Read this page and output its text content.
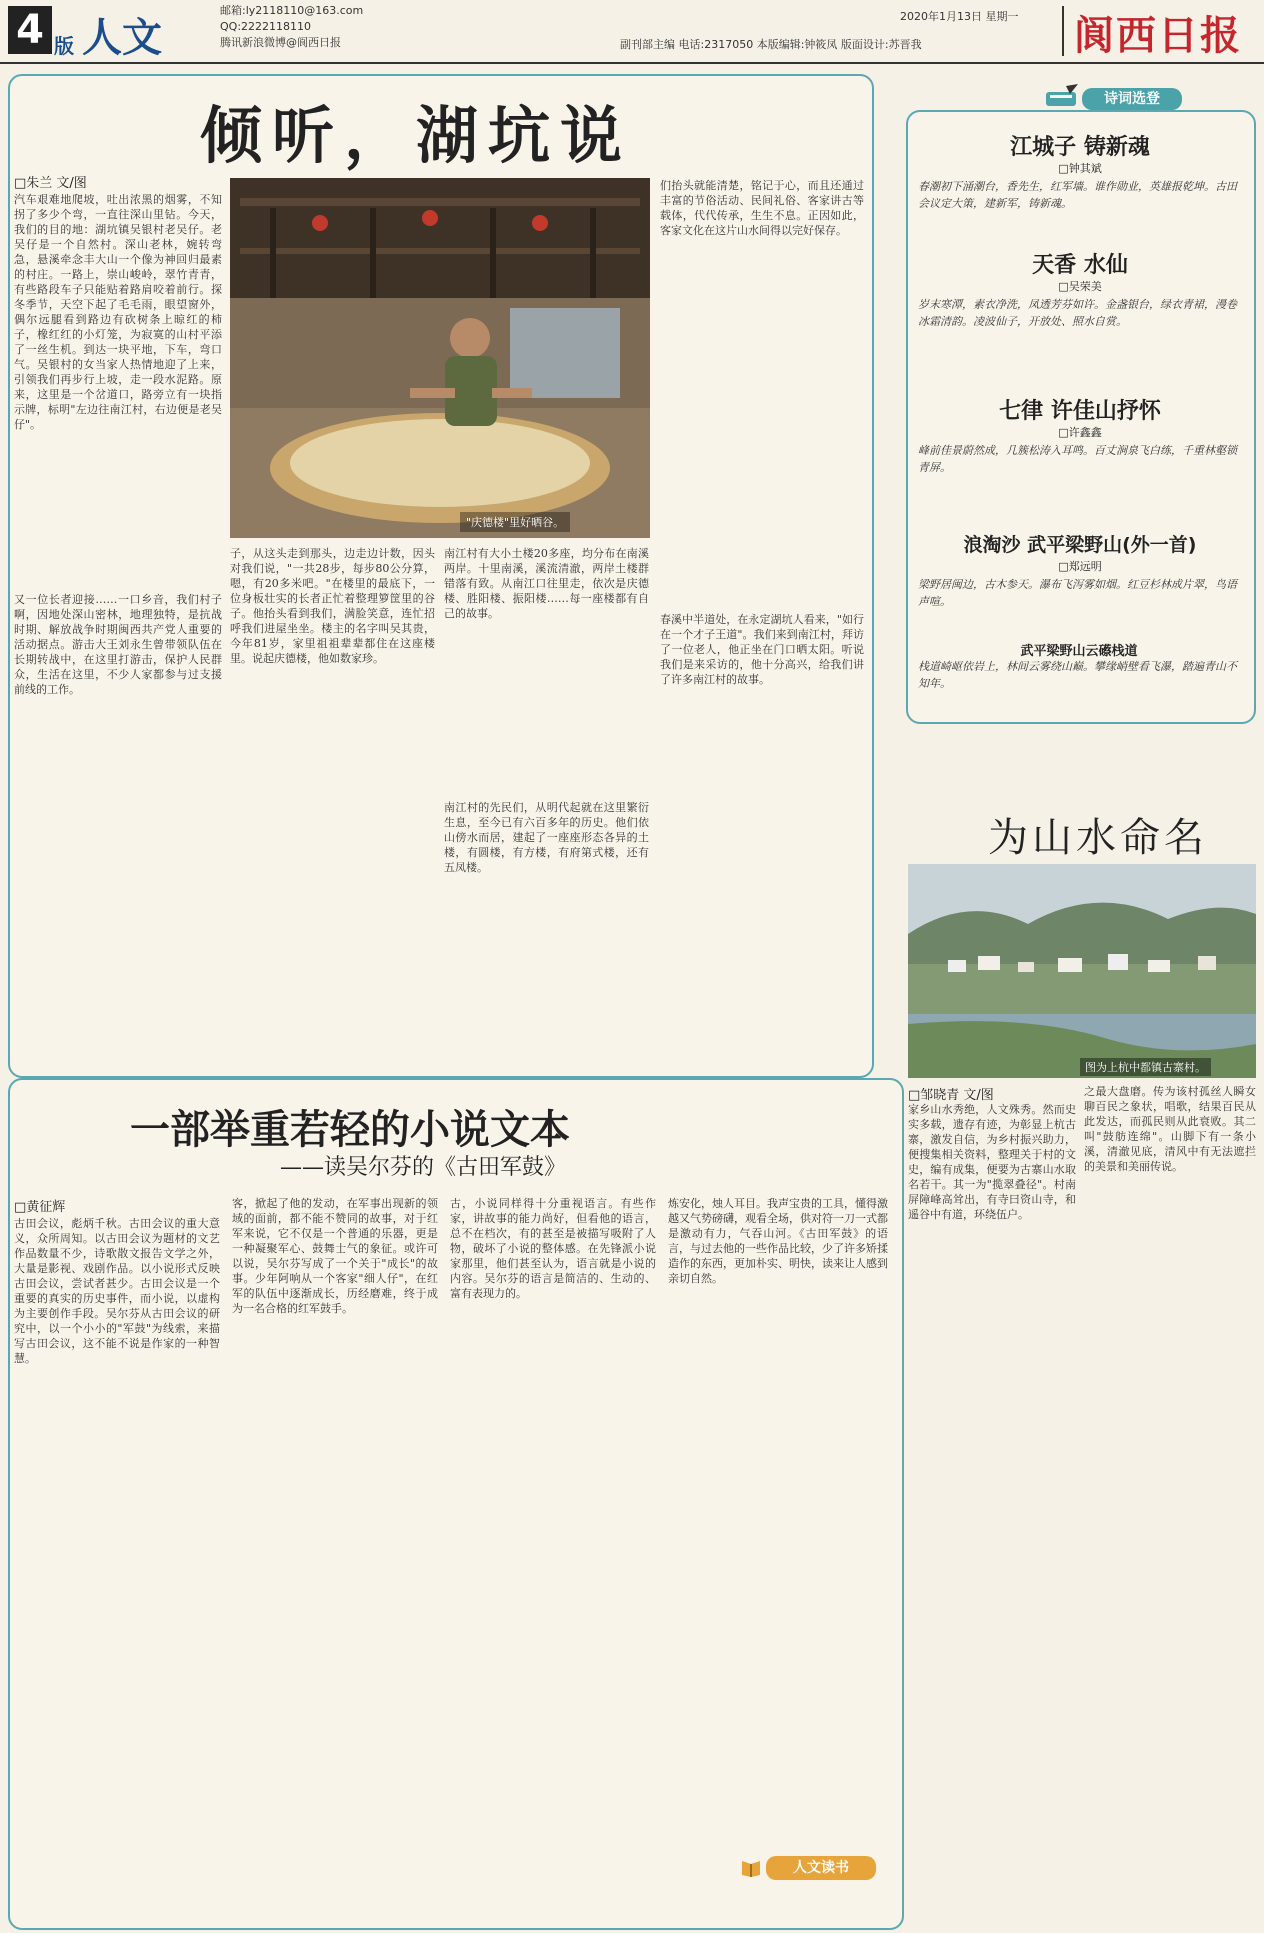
4 版 人文
邮箱:ly2118110@163.com
QQ:2222118110
腾讯新浪微博@阆西日报
2020年1月13日 星期一
副刊部主编 电话:2317050 本版编辑:钟筱凤 版面设计:苏晋我	阆西日报
倾听，湖坑说
□朱兰 文/图
"庆德楼"里好晒谷。
汽车艰难地爬坡，吐出浓黑的烟雾，不知拐了多少个弯，一直往深山里钻。今天，我们的目的地：湖坑镇吴银村老吴仔。老吴仔是一个自然村。深山老林，婉转弯急，悬溪牵念丰大山一个像为神回归最素的村庄。一路上，崇山峻岭，翠竹青青，有些路段车子只能贴着路肩咬着前行。探冬季节，天空下起了毛毛雨，眼望窗外，偶尔远腿看到路边有砍树条上晾红的柿子，橡红红的小灯笼，为寂寞的山村平添了一丝生机。到达一块平地，下车，弯口气。吴银村的女当家人热情地迎了上来，引领我们再步行上坡，走一段水泥路。原来，这里是一个岔道口，路旁立有一块指示牌，标明"左边往南江村，右边便是老吴仔"。
又一位长者迎接……一口乡音，我们村子啊，因地处深山密林，地理独特，是抗战时期、解放战争时期闽西共产党人重要的活动据点。游击大王刘永生曾带领队伍在长期转战中，在这里打游击，保护人民群众，生活在这里，不少人家都参与过支援前线的工作。
子，从这头走到那头，边走边计数，因头对我们说，"一共28步，每步80公分算，嗯，有20多米吧。"在楼里的最底下，一位身板壮实的长者正忙着整理箩筐里的谷子。他抬头看到我们，满脸笑意，连忙招呼我们进屋坐坐。楼主的名字叫吴其贵，今年81岁，家里祖祖辈辈都住在这座楼里。说起庆德楼，他如数家珍。
南江村有大小土楼20多座，均分布在南溪两岸。十里南溪，溪流清澈，两岸土楼群错落有致。从南江口往里走，依次是庆德楼、胜阳楼、振阳楼……每一座楼都有自己的故事。
南江村的先民们，从明代起就在这里繁衍生息，至今已有六百多年的历史。他们依山傍水而居，建起了一座座形态各异的土楼，有圆楼，有方楼，有府第式楼，还有五凤楼。
们抬头就能清楚，铭记于心，而且还通过丰富的节俗活动、民间礼俗、客家讲古等载体，代代传承，生生不息。正因如此，客家文化在这片山水间得以完好保存。
春溪中半道处，在永定湖坑人看来，"如行在一个才子王道"。我们来到南江村，拜访了一位老人，他正坐在门口晒太阳。听说我们是来采访的，他十分高兴，给我们讲了许多南江村的故事。
诗词选登
江城子 铸新魂
□钟其斌
春潮初下涌潮台，香先生，红军墙。谁作勋业，英雄报乾坤。古田会议定大策，建新军，铸新魂。
天香 水仙
□吴荣美
岁末寒潭，素衣净洗，凤透芳芬如许。金盏银台，绿衣青裙，漫卷冰霜清韵。凌波仙子，开放处、照水自赏。
七律 许佳山抒怀
□许鑫鑫
峰前佳景蔚然成，几簇松涛入耳鸣。百丈涧泉飞白练，千重林壑锁青屏。
浪淘沙 武平梁野山(外一首)
□郑远明
梁野居闽边，古木参天。瀑布飞泻雾如烟。红豆杉林成片翠，鸟语声喧。
武平梁野山云礤栈道
栈道崎岖依岩上，林间云雾绕山巅。攀缘峭壁看飞瀑，踏遍青山不知年。
为山水命名
图为上杭中都镇古寨村。
□邹晓青 文/图
家乡山水秀绝，人文殊秀。然而史实多载，遗存有迹，为彰显上杭古寨，激发自信，为乡村振兴助力，便搜集相关资料，整理关于村的文史，编有成集，便要为古寨山水取名若干。其一为"揽翠叠径"。村南屏障峰高耸出，有寺曰资山寺，和遥谷中有道，环绕伍户。
之最大盘磨。传为该村孤丝人瞬女聊百民之象状，唱歌，结果百民从此发达，而孤民则从此衰败。其二叫"鼓舫连绵"。山脚下有一条小溪，清澈见底，清风中有无法遮拦的美景和美丽传说。
一部举重若轻的小说文本
——读吴尔芬的《古田军鼓》
□黄征辉
古田会议，彪炳千秋。古田会议的重大意义，众所周知。以古田会议为题材的文艺作品数量不少，诗歌散文报告文学之外，大量是影视、戏剧作品。以小说形式反映古田会议，尝试者甚少。古田会议是一个重要的真实的历史事件，而小说，以虚构为主要创作手段。吴尔芬从古田会议的研究中，以一个小小的"军鼓"为线索，来描写古田会议，这不能不说是作家的一种智慧。
客，掀起了他的发动，在军事出现新的领域的面前，都不能不赞同的故事，对于红军来说，它不仅是一个普通的乐器，更是一种凝聚军心、鼓舞士气的象征。或许可以说，吴尔芬写成了一个关于"成长"的故事。少年阿响从一个客家"细人仔"，在红军的队伍中逐渐成长，历经磨难，终于成为一名合格的红军鼓手。
古，小说同样得十分重视语言。有些作家，讲故事的能力尚好，但看他的语言，总不在档次，有的甚至是被描写吸附了人物，破坏了小说的整体感。在先锋派小说家那里，他们甚至认为，语言就是小说的内容。吴尔芬的语言是简洁的、生动的、富有表现力的。
炼安化，烛人耳目。我声宝贵的工具，懂得激越又气势磅礴，观看全场，供对符一刀一式都是激动有力，气吞山河。《古田军鼓》的语言，与过去他的一些作品比较，少了许多矫揉造作的东西，更加朴实、明快，读来让人感到亲切自然。
人文读书
